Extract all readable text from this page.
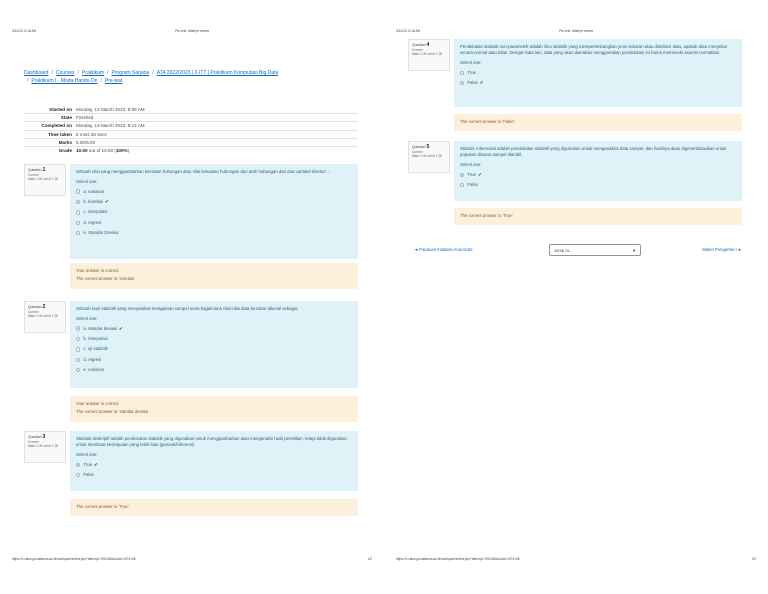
3/13/23, 8:16 AM	Pre-test: Attempt review
Dashboard / Courses / Praktikum / Program Sarjana / ATA 2022/2023 | 2-ITT | Praktikum Komputasi Big Data
/ Praktikum I - Moda Hands-On / Pre-test
Started on Monday, 13 March 2023, 8:08 AM
State Finished
Completed on Monday, 13 March 2023, 8:14 AM
Time taken 5 mins 36 secs
Marks 5.00/5.00
Grade 10.00 out of 10.00 (100%)
Question 1
Correct
Mark 1.00 out of 1.00
Sebuah nilai yang menggambarkan keeratan hubungan atau nilai kekuatan hubungan dari arah hubungan dari dua variabel disebut ...
Select one:
a. variance
b. korelasi ✔
c. interpolasi
d. regresi
e. Standar Deviasi
Your answer is correct.
The correct answer is: korelasi
Question 2
Correct
Mark 1.00 out of 1.00
Sebuah teori statistik yang menyatakan keragaman sampel serta bagaimana nilai-nilai data tersebar dikenal sebagai
Select one:
a. standar deviasi ✔
b. interpolasi
c. uji statistik
d. regresi
e. variance
Your answer is correct.
The correct answer is: standar deviasi
Question 3
Correct
Mark 1.00 out of 1.00
Statistik deskriptif adalah pendekatan statistik yang digunakan untuk menggambarkan atau mengenalisi hasil penelitian, tetapi tidak digunakan untuk membuat kesimpulan yang lebih luas (general/inferensi).
Select one:
True ✔
False
The correct answer is 'True'.
https://v-class.gunadarma.ac.id/mod/quiz/review.php?attempt=7911464&cmid=1074156	1/2
3/13/23, 8:16 AM	Pre-test: Attempt review
Question 4
Correct
Mark 1.00 out of 1.00
Pendekatan statistik non-parametrik adalah ilmu statistik yang mempertimbangkan jenis sebaran atau distribusi data, apakah data menyebar secara normal atau tidak. Dengan kata lain, data yang akan dianalisis menggunakan pendekatan ini harus memenuhi asumsi normalitas.
Select one:
True
False ✔
The correct answer is 'False'.
Question 5
Correct
Mark 1.00 out of 1.00
Statistic inferensial adalah pendekatan statistik yang digunakan untuk menganalisis data sampel, dan hasilnya akan digeneralisasikan untuk populasi dimana sampel diambil.
Select one:
True ✔
False
The correct answer is 'True'.
◄ Panduan Instalasi Anaconda	Jump to...	▼	Materi Pengantar I ►
https://v-class.gunadarma.ac.id/mod/quiz/review.php?attempt=7911464&cmid=1074156	2/2
